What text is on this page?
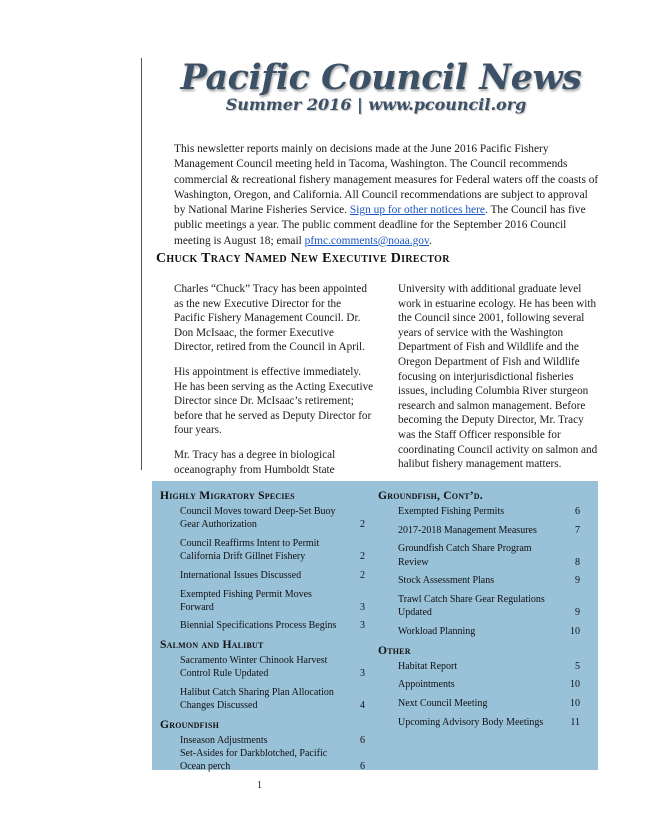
Pacific Council News
Summer 2016 | www.pcouncil.org
This newsletter reports mainly on decisions made at the June 2016 Pacific Fishery Management Council meeting held in Tacoma, Washington. The Council recommends commercial & recreational fishery management measures for Federal waters off the coasts of Washington, Oregon, and California. All Council recommendations are subject to approval by National Marine Fisheries Service. Sign up for other notices here. The Council has five public meetings a year. The public comment deadline for the September 2016 Council meeting is August 18; email pfmc.comments@noaa.gov.
Chuck Tracy Named New Executive Director

Charles “Chuck” Tracy has been appointed as the new Executive Director for the Pacific Fishery Management Council. Dr. Don McIsaac, the former Executive Director, retired from the Council in April.

His appointment is effective immediately. He has been serving as the Acting Executive Director since Dr. McIsaac’s retirement; before that he served as Deputy Director for four years.

Mr. Tracy has a degree in biological oceanography from Humboldt State

University with additional graduate level work in estuarine ecology. He has been with the Council since 2001, following several years of service with the Washington Department of Fish and Wildlife and the Oregon Department of Fish and Wildlife focusing on interjurisdictional fisheries issues, including Columbia River sturgeon research and salmon management. Before becoming the Deputy Director, Mr. Tracy was the Staff Officer responsible for coordinating Council activity on salmon and halibut fishery management matters.

Highly Migratory Species
Council Moves toward Deep-Set Buoy Gear Authorization	2
Council Reaffirms Intent to Permit California Drift Gillnet Fishery	2
International Issues Discussed	2
Exempted Fishing Permit Moves Forward	3
Biennial Specifications Process Begins	3
Salmon and Halibut
Sacramento Winter Chinook Harvest Control Rule Updated	3
Halibut Catch Sharing Plan Allocation Changes Discussed	4
Groundfish
Inseason Adjustments	6
Set-Asides for Darkblotched, Pacific Ocean perch	6
Groundfish, Cont’d.
Exempted Fishing Permits	6
2017-2018 Management Measures	7
Groundfish Catch Share Program Review	8
Stock Assessment Plans	9
Trawl Catch Share Gear Regulations Updated	9
Workload Planning	10
Other
Habitat Report	5
Appointments	10
Next Council Meeting	10
Upcoming Advisory Body Meetings	11
1
